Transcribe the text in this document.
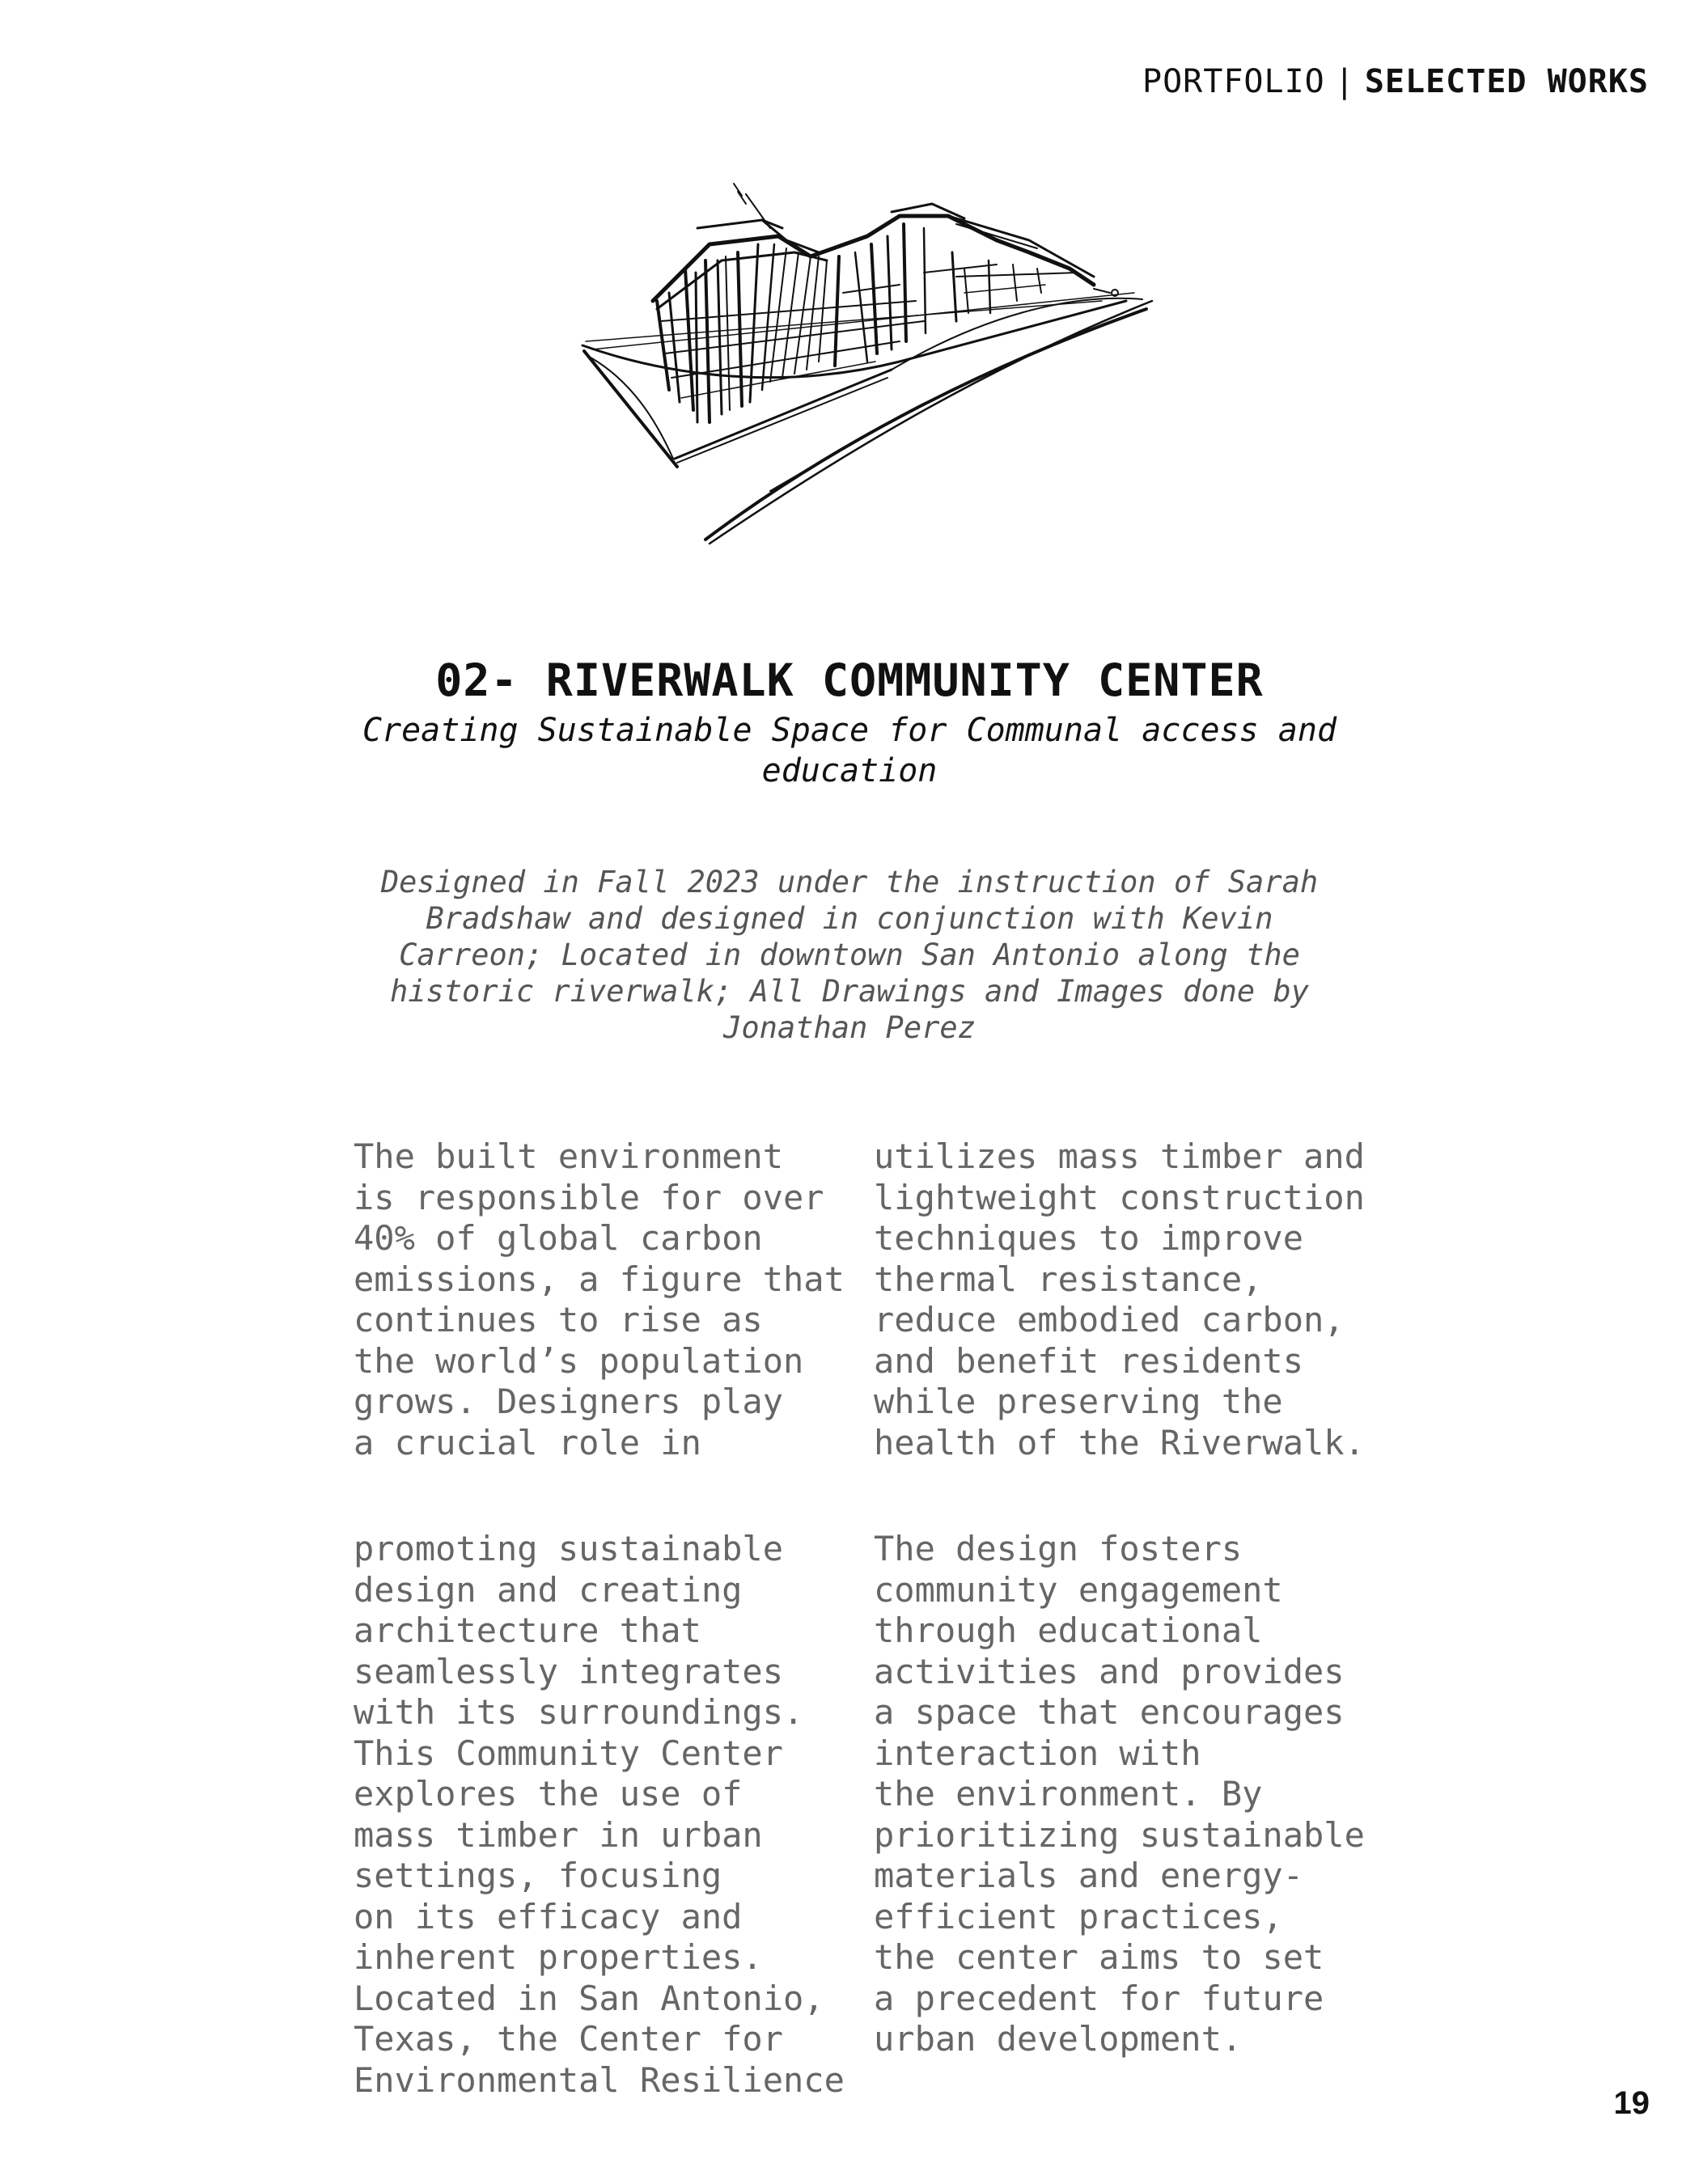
PORTFOLIO | SELECTED WORKS
02- RIVERWALK COMMUNITY CENTER
Creating Sustainable Space for Communal access and education
Designed in Fall 2023 under the instruction of Sarah Bradshaw and designed in conjunction with Kevin Carreon; Located in downtown San Antonio along the historic riverwalk; All Drawings and Images done by Jonathan Perez

The built environment
is responsible for over
40% of global carbon
emissions, a figure that
continues to rise as
the world’s population
grows. Designers play
a crucial role in

utilizes mass timber and
lightweight construction
techniques to improve
thermal resistance,
reduce embodied carbon,
and benefit residents
while preserving the
health of the Riverwalk.

promoting sustainable
design and creating
architecture that
seamlessly integrates
with its surroundings.
This Community Center
explores the use of
mass timber in urban
settings, focusing
on its efficacy and
inherent properties.
Located in San Antonio,
Texas, the Center for
Environmental Resilience

The design fosters
community engagement
through educational
activities and provides
a space that encourages
interaction with
the environment. By
prioritizing sustainable
materials and energy-
efficient practices,
the center aims to set
a precedent for future
urban development.

19
